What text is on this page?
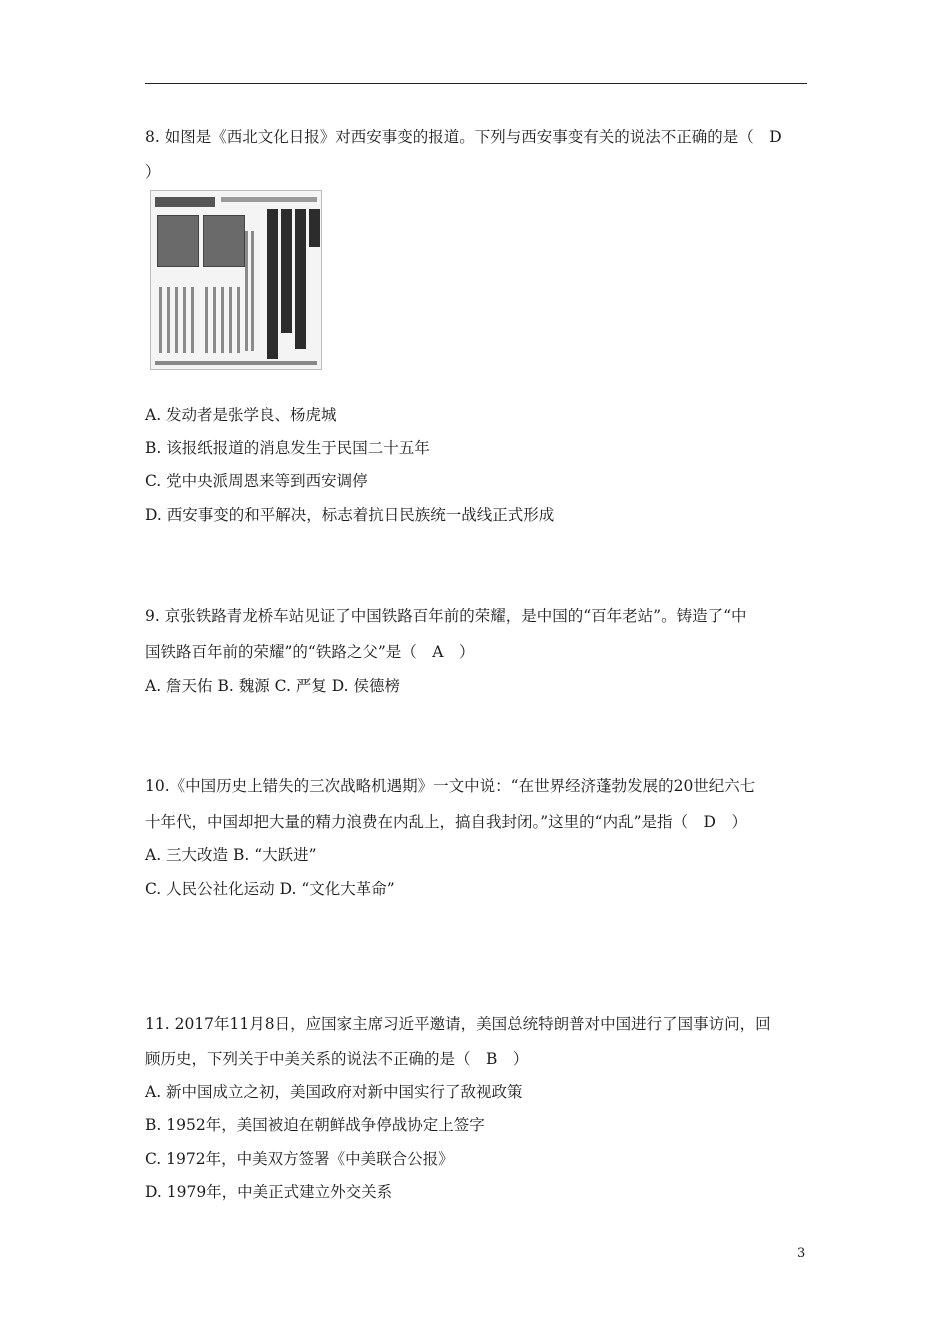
8. 如图是《西北文化日报》对西安事变的报道。下列与西安事变有关的说法不正确的是（　D
）
A. 发动者是张学良、杨虎城
B. 该报纸报道的消息发生于民国二十五年
C. 党中央派周恩来等到西安调停
D. 西安事变的和平解决，标志着抗日民族统一战线正式形成
9. 京张铁路青龙桥车站见证了中国铁路百年前的荣耀，是中国的“百年老站”。铸造了“中
国铁路百年前的荣耀”的“铁路之父”是（　A　）
A. 詹天佑 B. 魏源 C. 严复 D. 侯德榜
10.《中国历史上错失的三次战略机遇期》一文中说：“在世界经济蓬勃发展的20世纪六七
十年代，中国却把大量的精力浪费在内乱上，搞自我封闭。”这里的“内乱”是指（　D　）
A. 三大改造 B. “大跃进”
C. 人民公社化运动 D. “文化大革命”
11. 2017年11月8日，应国家主席习近平邀请，美国总统特朗普对中国进行了国事访问，回
顾历史，下列关于中美关系的说法不正确的是（　B　）
A. 新中国成立之初，美国政府对新中国实行了敌视政策
B. 1952年，美国被迫在朝鲜战争停战协定上签字
C. 1972年，中美双方签署《中美联合公报》
D. 1979年，中美正式建立外交关系
3
